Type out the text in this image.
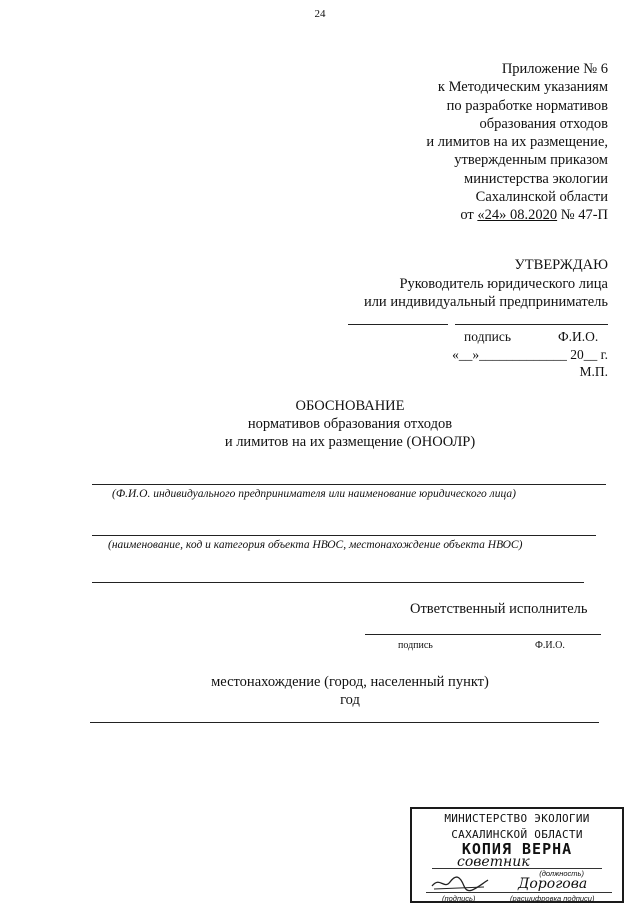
24
Приложение № 6
к Методическим указаниям
по разработке нормативов
образования отходов
и лимитов на их размещение,
утвержденным приказом
министерства экологии
Сахалинской области
от «24» 08.2020 № 47-П
УТВЕРЖДАЮ
Руководитель юридического лица
или индивидуальный предприниматель
подпись	Ф.И.О.
«__»_____________ 20__ г.
М.П.
ОБОСНОВАНИЕ
нормативов образования отходов
и лимитов на их размещение (ОНООЛР)
(Ф.И.О. индивидуального предпринимателя или наименование юридического лица)
(наименование, код и категория объекта НВОС, местонахождение объекта НВОС)
Ответственный исполнитель
подпись	Ф.И.О.
местонахождение (город, населенный пункт)
год
МИНИСТЕРСТВО ЭКОЛОГИИ
САХАЛИНСКОЙ ОБЛАСТИ
КОПИЯ ВЕРНА
советник
(должность)
Дорогова
(подпись)	(расшифровка подписи)
